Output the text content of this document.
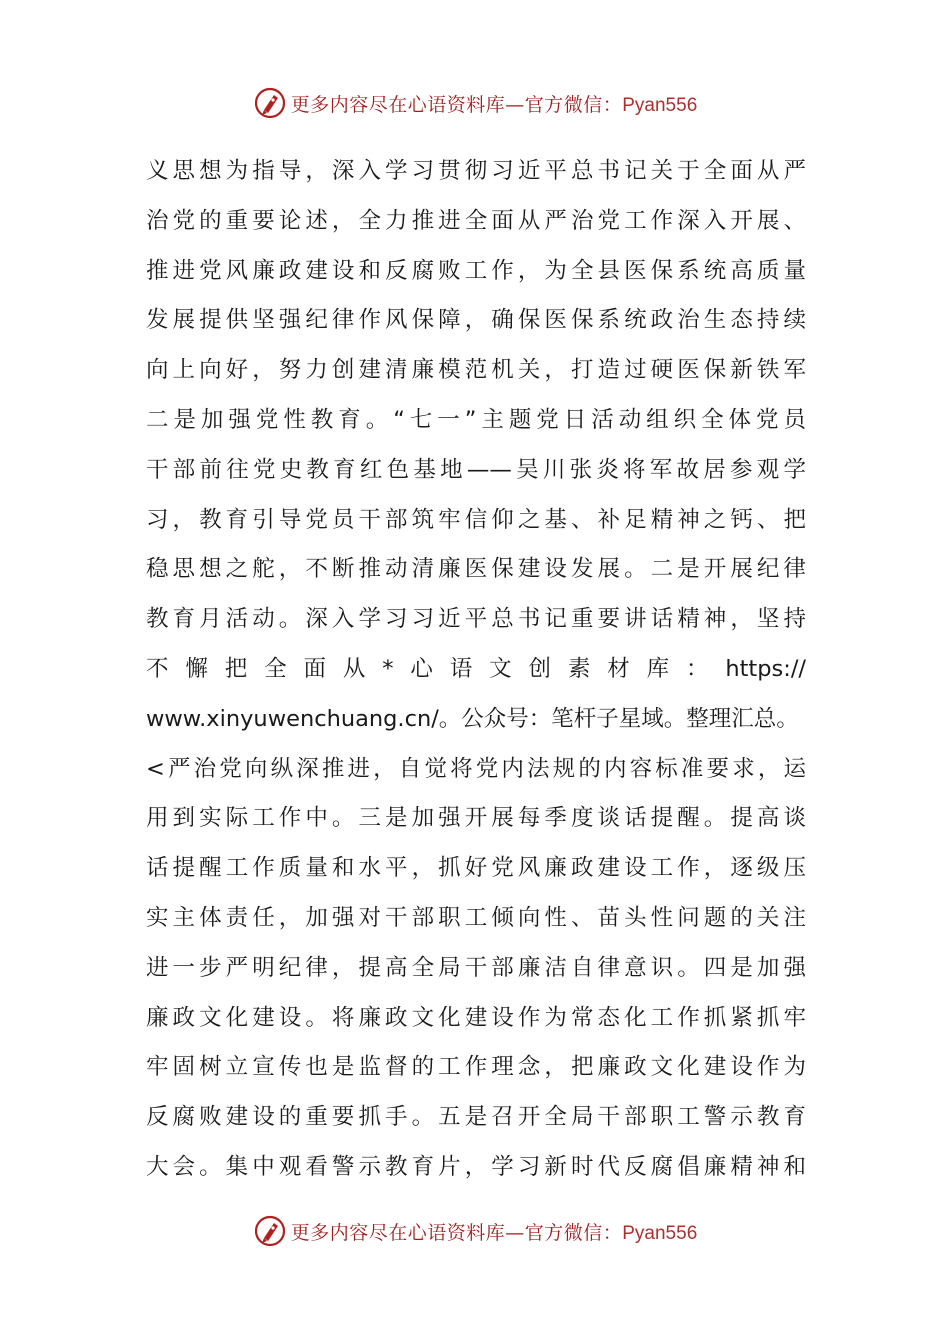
更多内容尽在心语资料库—官方微信：Pyan556
义思想为指导，深入学习贯彻习近平总书记关于全面从严
治党的重要论述，全力推进全面从严治党工作深入开展、
推进党风廉政建设和反腐败工作，为全县医保系统高质量
发展提供坚强纪律作风保障，确保医保系统政治生态持续
向上向好，努力创建清廉模范机关，打造过硬医保新铁军
二是加强党性教育。“七一”主题党日活动组织全体党员
干部前往党史教育红色基地——吴川张炎将军故居参观学
习，教育引导党员干部筑牢信仰之基、补足精神之钙、把
稳思想之舵，不断推动清廉医保建设发展。二是开展纪律
教育月活动。深入学习习近平总书记重要讲话精神，坚持
不懈把全面从*心语文创素材库：https://
www.xinyuwenchuang.cn/。公众号：笔杆子星域。整理汇总。
<严治党向纵深推进，自觉将党内法规的内容标准要求，运
用到实际工作中。三是加强开展每季度谈话提醒。提高谈
话提醒工作质量和水平，抓好党风廉政建设工作，逐级压
实主体责任，加强对干部职工倾向性、苗头性问题的关注
进一步严明纪律，提高全局干部廉洁自律意识。四是加强
廉政文化建设。将廉政文化建设作为常态化工作抓紧抓牢
牢固树立宣传也是监督的工作理念，把廉政文化建设作为
反腐败建设的重要抓手。五是召开全局干部职工警示教育
大会。集中观看警示教育片，学习新时代反腐倡廉精神和
更多内容尽在心语资料库—官方微信：Pyan556
